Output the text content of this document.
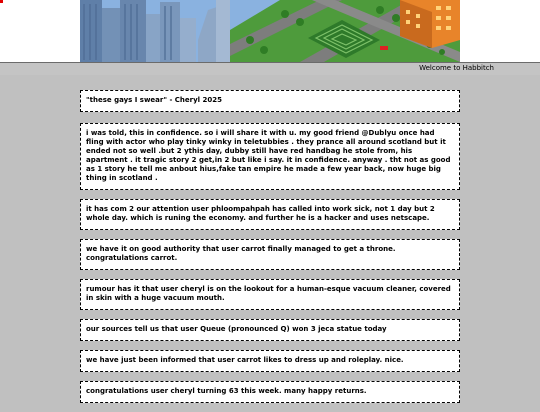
Welcome to Habbitch
"these gays I swear" - Cheryl 2025
i was told, this in confidence. so i will share it with u. my good friend @Dublyu once had fling with actor who play tinky winky in teletubbies . they prance all around scotland but it ended not so well .but 2 ythis day, dubby still have red handbag he stole from, his apartment . it tragic story 2 get,in 2 but like i say. it in confidence. anyway . tht not as good as 1 story he tell me anbout hius,fake tan empire he made a few year back, now huge big thing in scotland .
it has com 2 our attention user phloompahpah has called into work sick, not 1 day but 2 whole day. which is runing the economy. and further he is a hacker and uses netscape.
we have it on good authority that user carrot finally managed to get a throne. congratulations carrot.
rumour has it that user cheryl is on the lookout for a human-esque vacuum cleaner, covered in skin with a huge vacuum mouth.
our sources tell us that user Queue (pronounced Q) won 3 jeca statue today
we have just been informed that user carrot likes to dress up and roleplay. nice.
congratulations user cheryl turning 63 this week. many happy returns.
